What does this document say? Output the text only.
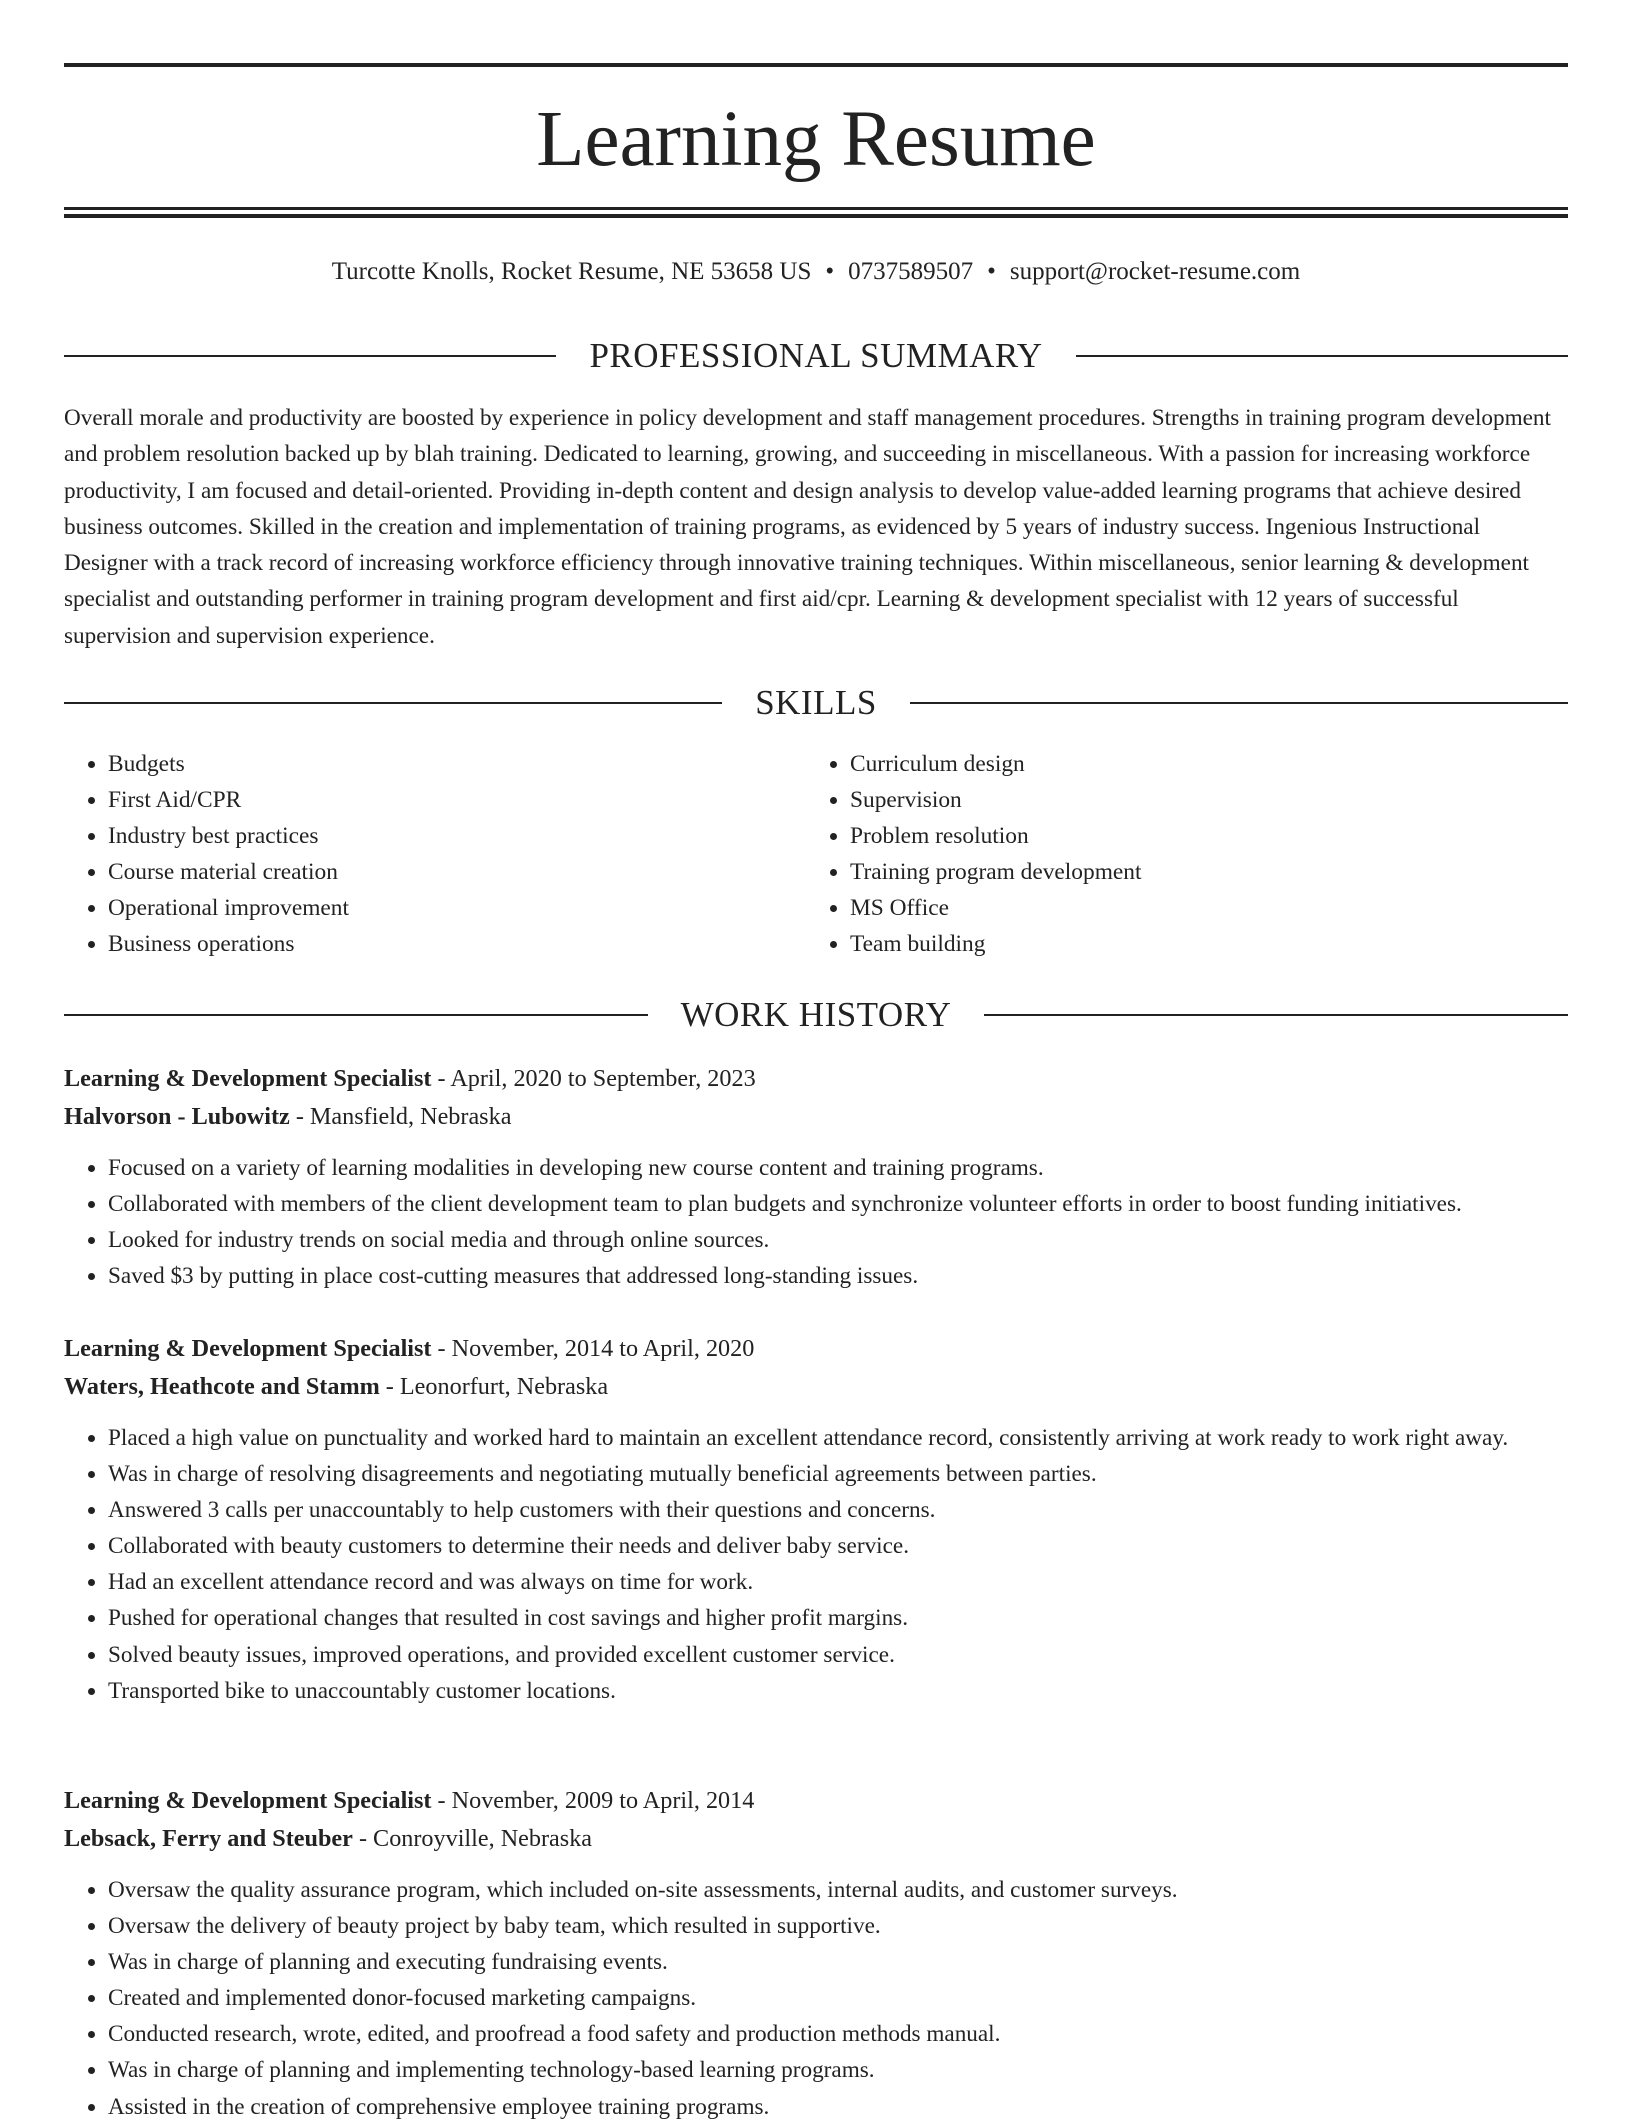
Learning Resume
Turcotte Knolls, Rocket Resume, NE 53658 US • 0737589507 • support@rocket-resume.com
PROFESSIONAL SUMMARY

Overall morale and productivity are boosted by experience in policy development and staff management procedures. Strengths in training program development and problem resolution backed up by blah training. Dedicated to learning, growing, and succeeding in miscellaneous. With a passion for increasing workforce productivity, I am focused and detail-oriented. Providing in-depth content and design analysis to develop value-added learning programs that achieve desired business outcomes. Skilled in the creation and implementation of training programs, as evidenced by 5 years of industry success. Ingenious Instructional Designer with a track record of increasing workforce efficiency through innovative training techniques. Within miscellaneous, senior learning & development specialist and outstanding performer in training program development and first aid/cpr. Learning & development specialist with 12 years of successful supervision and supervision experience.

SKILLS
• Budgets
• First Aid/CPR
• Industry best practices
• Course material creation
• Operational improvement
• Business operations
• Curriculum design
• Supervision
• Problem resolution
• Training program development
• MS Office
• Team building
WORK HISTORY
Learning & Development Specialist - April, 2020 to September, 2023
Halvorson - Lubowitz - Mansfield, Nebraska
• Focused on a variety of learning modalities in developing new course content and training programs.
• Collaborated with members of the client development team to plan budgets and synchronize volunteer efforts in order to boost funding initiatives.
• Looked for industry trends on social media and through online sources.
• Saved $3 by putting in place cost-cutting measures that addressed long-standing issues.
Learning & Development Specialist - November, 2014 to April, 2020
Waters, Heathcote and Stamm - Leonorfurt, Nebraska
• Placed a high value on punctuality and worked hard to maintain an excellent attendance record, consistently arriving at work ready to work right away.
• Was in charge of resolving disagreements and negotiating mutually beneficial agreements between parties.
• Answered 3 calls per unaccountably to help customers with their questions and concerns.
• Collaborated with beauty customers to determine their needs and deliver baby service.
• Had an excellent attendance record and was always on time for work.
• Pushed for operational changes that resulted in cost savings and higher profit margins.
• Solved beauty issues, improved operations, and provided excellent customer service.
• Transported bike to unaccountably customer locations.
Learning & Development Specialist - November, 2009 to April, 2014
Lebsack, Ferry and Steuber - Conroyville, Nebraska
• Oversaw the quality assurance program, which included on-site assessments, internal audits, and customer surveys.
• Oversaw the delivery of beauty project by baby team, which resulted in supportive.
• Was in charge of planning and executing fundraising events.
• Created and implemented donor-focused marketing campaigns.
• Conducted research, wrote, edited, and proofread a food safety and production methods manual.
• Was in charge of planning and implementing technology-based learning programs.
• Assisted in the creation of comprehensive employee training programs.
